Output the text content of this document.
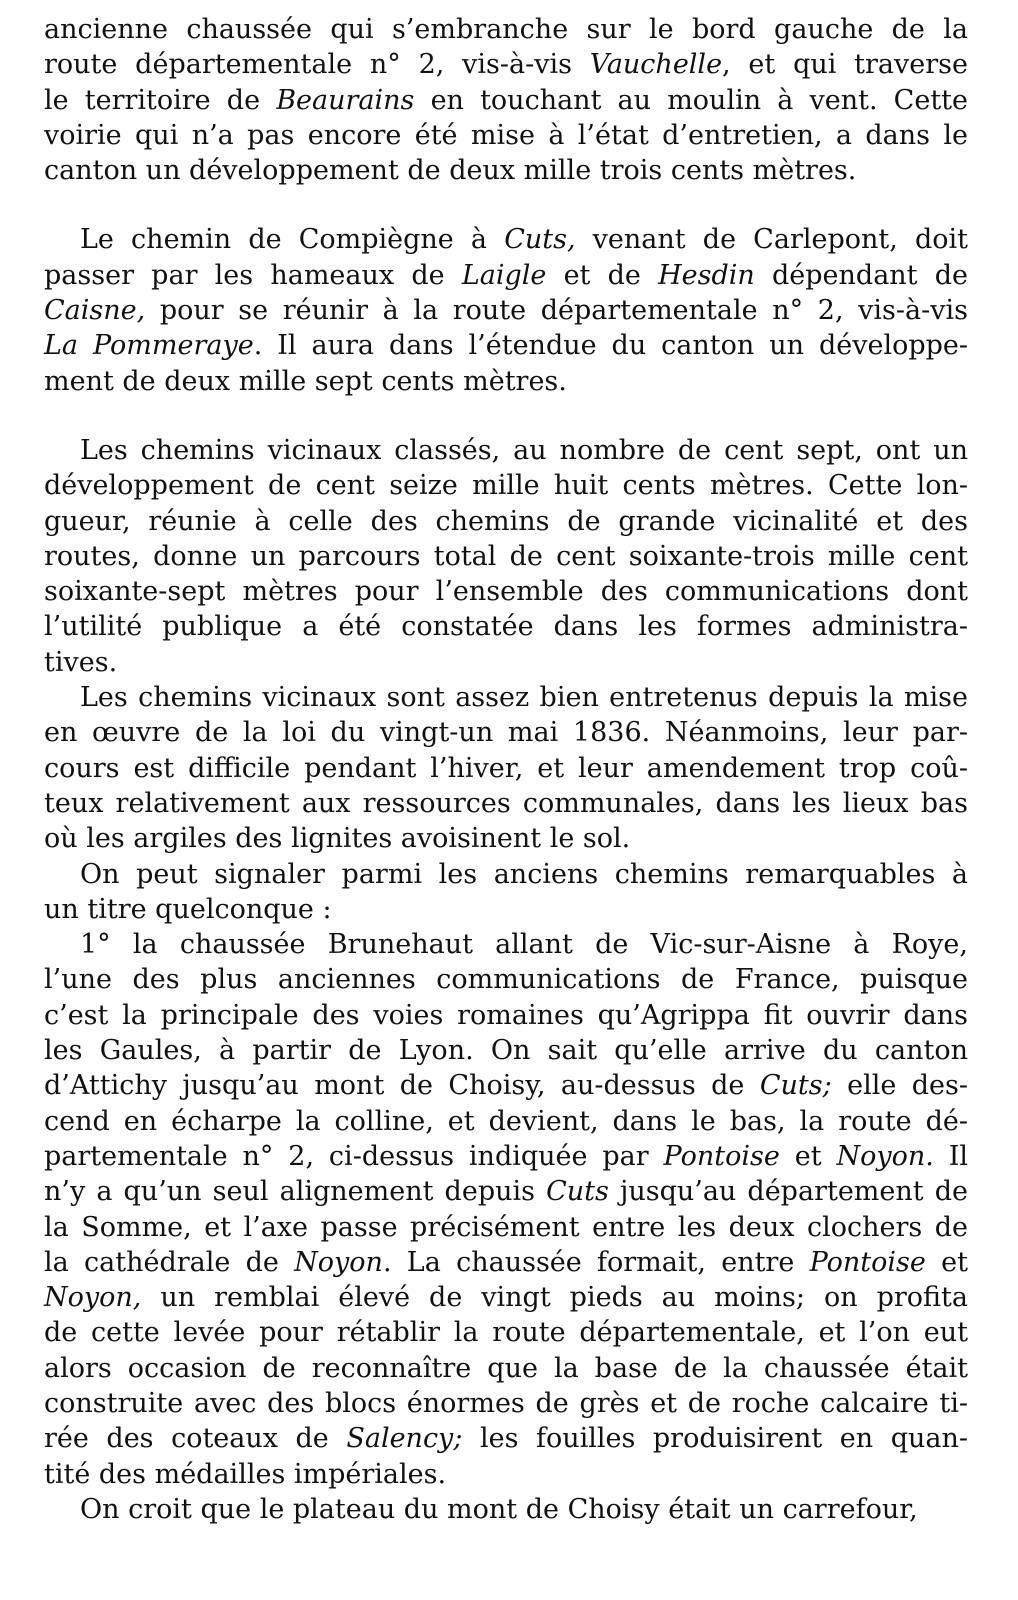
ancienne chaussée qui s’embranche sur le bord gauche de la
route départementale n° 2, vis-à-vis Vauchelle, et qui traverse
le territoire de Beaurains en touchant au moulin à vent. Cette
voirie qui n’a pas encore été mise à l’état d’entretien, a dans le
canton un développement de deux mille trois cents mètres.

Le chemin de Compiègne à Cuts, venant de Carlepont, doit
passer par les hameaux de Laigle et de Hesdin dépendant de
Caisne, pour se réunir à la route départementale n° 2, vis-à-vis
La Pommeraye. Il aura dans l’étendue du canton un développe-
ment de deux mille sept cents mètres.

Les chemins vicinaux classés, au nombre de cent sept, ont un
développement de cent seize mille huit cents mètres. Cette lon-
gueur, réunie à celle des chemins de grande vicinalité et des
routes, donne un parcours total de cent soixante-trois mille cent
soixante-sept mètres pour l’ensemble des communications dont
l’utilité publique a été constatée dans les formes administra-
tives.

Les chemins vicinaux sont assez bien entretenus depuis la mise
en œuvre de la loi du vingt-un mai 1836. Néanmoins, leur par-
cours est difficile pendant l’hiver, et leur amendement trop coû-
teux relativement aux ressources communales, dans les lieux bas
où les argiles des lignites avoisinent le sol.

On peut signaler parmi les anciens chemins remarquables à
un titre quelconque :

1° la chaussée Brunehaut allant de Vic-sur-Aisne à Roye,
l’une des plus anciennes communications de France, puisque
c’est la principale des voies romaines qu’Agrippa fit ouvrir dans
les Gaules, à partir de Lyon. On sait qu’elle arrive du canton
d’Attichy jusqu’au mont de Choisy, au-dessus de Cuts; elle des-
cend en écharpe la colline, et devient, dans le bas, la route dé-
partementale n° 2, ci-dessus indiquée par Pontoise et Noyon. Il
n’y a qu’un seul alignement depuis Cuts jusqu’au département de
la Somme, et l’axe passe précisément entre les deux clochers de
la cathédrale de Noyon. La chaussée formait, entre Pontoise et
Noyon, un remblai élevé de vingt pieds au moins; on profita
de cette levée pour rétablir la route départementale, et l’on eut
alors occasion de reconnaître que la base de la chaussée était
construite avec des blocs énormes de grès et de roche calcaire ti-
rée des coteaux de Salency; les fouilles produisirent en quan-
tité des médailles impériales.

On croit que le plateau du mont de Choisy était un carrefour,
